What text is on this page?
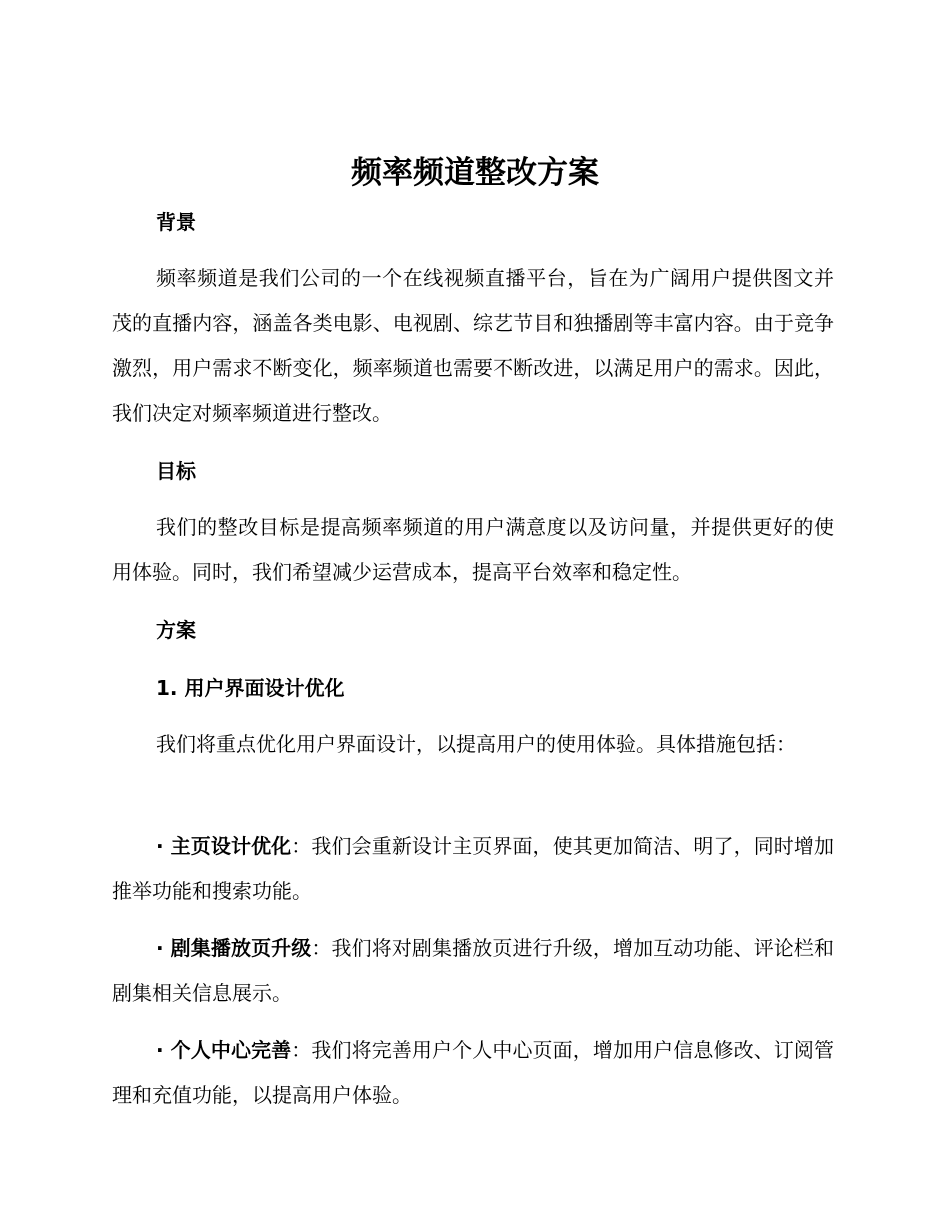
频率频道整改方案
背景

频率频道是我们公司的一个在线视频直播平台，旨在为广阔用户提供图文并茂的直播内容，涵盖各类电影、电视剧、综艺节目和独播剧等丰富内容。由于竞争激烈，用户需求不断变化，频率频道也需要不断改进，以满足用户的需求。因此，我们决定对频率频道进行整改。

目标

我们的整改目标是提高频率频道的用户满意度以及访问量，并提供更好的使用体验。同时，我们希望减少运营成本，提高平台效率和稳定性。

方案
1. 用户界面设计优化

我们将重点优化用户界面设计，以提高用户的使用体验。具体措施包括：

· 主页设计优化：我们会重新设计主页界面，使其更加简洁、明了，同时增加推举功能和搜索功能。

· 剧集播放页升级：我们将对剧集播放页进行升级，增加互动功能、评论栏和剧集相关信息展示。

· 个人中心完善：我们将完善用户个人中心页面，增加用户信息修改、订阅管理和充值功能，以提高用户体验。
